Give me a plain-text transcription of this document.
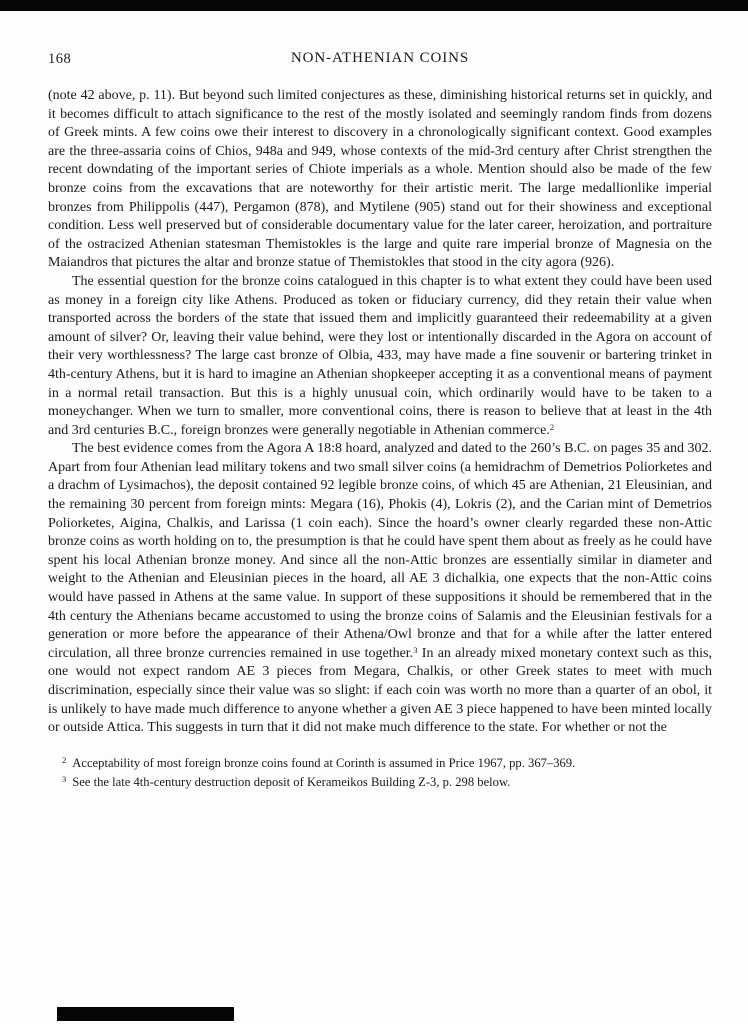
168	NON-ATHENIAN COINS

(note 42 above, p. 11). But beyond such limited conjectures as these, diminishing historical returns set in quickly, and it becomes difficult to attach significance to the rest of the mostly isolated and seemingly random finds from dozens of Greek mints. A few coins owe their interest to discovery in a chronologically significant context. Good examples are the three-assaria coins of Chios, 948a and 949, whose contexts of the mid-3rd century after Christ strengthen the recent downdating of the important series of Chiote imperials as a whole. Mention should also be made of the few bronze coins from the excavations that are noteworthy for their artistic merit. The large medallionlike imperial bronzes from Philippolis (447), Pergamon (878), and Mytilene (905) stand out for their showiness and exceptional condition. Less well preserved but of considerable documentary value for the later career, heroization, and portraiture of the ostracized Athenian statesman Themistokles is the large and quite rare imperial bronze of Magnesia on the Maiandros that pictures the altar and bronze statue of Themistokles that stood in the city agora (926).

The essential question for the bronze coins catalogued in this chapter is to what extent they could have been used as money in a foreign city like Athens. Produced as token or fiduciary currency, did they retain their value when transported across the borders of the state that issued them and implicitly guaranteed their redeemability at a given amount of silver? Or, leaving their value behind, were they lost or intentionally discarded in the Agora on account of their very worthlessness? The large cast bronze of Olbia, 433, may have made a fine souvenir or bartering trinket in 4th-century Athens, but it is hard to imagine an Athenian shopkeeper accepting it as a conventional means of payment in a normal retail transaction. But this is a highly unusual coin, which ordinarily would have to be taken to a moneychanger. When we turn to smaller, more conventional coins, there is reason to believe that at least in the 4th and 3rd centuries B.C., foreign bronzes were generally negotiable in Athenian commerce.$^2$

The best evidence comes from the Agora A 18:8 hoard, analyzed and dated to the 260’s B.C. on pages 35 and 302. Apart from four Athenian lead military tokens and two small silver coins (a hemidrachm of Demetrios Poliorketes and a drachm of Lysimachos), the deposit contained 92 legible bronze coins, of which 45 are Athenian, 21 Eleusinian, and the remaining 30 percent from foreign mints: Megara (16), Phokis (4), Lokris (2), and the Carian mint of Demetrios Poliorketes, Aigina, Chalkis, and Larissa (1 coin each). Since the hoard’s owner clearly regarded these non-Attic bronze coins as worth holding on to, the presumption is that he could have spent them about as freely as he could have spent his local Athenian bronze money. And since all the non-Attic bronzes are essentially similar in diameter and weight to the Athenian and Eleusinian pieces in the hoard, all AE 3 dichalkia, one expects that the non-Attic coins would have passed in Athens at the same value. In support of these suppositions it should be remembered that in the 4th century the Athenians became accustomed to using the bronze coins of Salamis and the Eleusinian festivals for a generation or more before the appearance of their Athena/Owl bronze and that for a while after the latter entered circulation, all three bronze currencies remained in use together.$^3$ In an already mixed monetary context such as this, one would not expect random AE 3 pieces from Megara, Chalkis, or other Greek states to meet with much discrimination, especially since their value was so slight: if each coin was worth no more than a quarter of an obol, it is unlikely to have made much difference to anyone whether a given AE 3 piece happened to have been minted locally or outside Attica. This suggests in turn that it did not make much difference to the state. For whether or not the

$^2$ Acceptability of most foreign bronze coins found at Corinth is assumed in Price 1967, pp. 367–369.

$^3$ See the late 4th-century destruction deposit of Kerameikos Building Z-3, p. 298 below.
